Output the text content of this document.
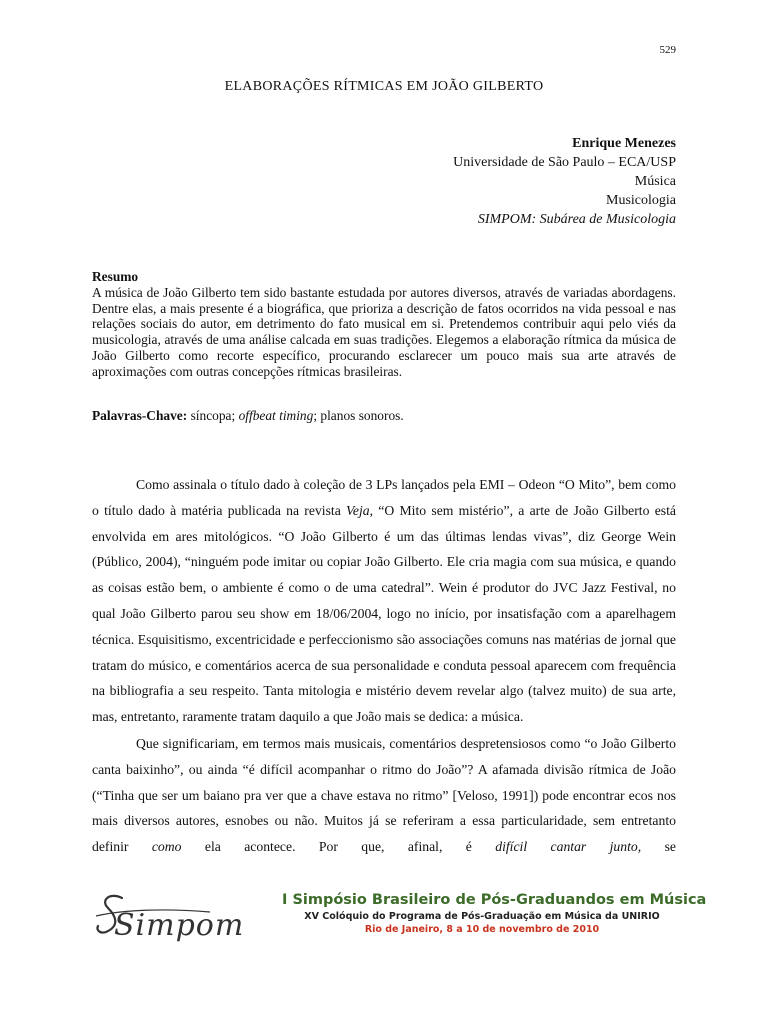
529
ELABORAÇÕES RÍTMICAS EM JOÃO GILBERTO
Enrique Menezes
Universidade de São Paulo – ECA/USP
Música
Musicologia
SIMPOM: Subárea de Musicologia
Resumo

A música de João Gilberto tem sido bastante estudada por autores diversos, através de variadas abordagens. Dentre elas, a mais presente é a biográfica, que prioriza a descrição de fatos ocorridos na vida pessoal e nas relações sociais do autor, em detrimento do fato musical em si. Pretendemos contribuir aqui pelo viés da musicologia, através de uma análise calcada em suas tradições. Elegemos a elaboração rítmica da música de João Gilberto como recorte específico, procurando esclarecer um pouco mais sua arte através de aproximações com outras concepções rítmicas brasileiras.

Palavras-Chave: síncopa; offbeat timing; planos sonoros.

Como assinala o título dado à coleção de 3 LPs lançados pela EMI – Odeon “O Mito”, bem como o título dado à matéria publicada na revista Veja, “O Mito sem mistério”, a arte de João Gilberto está envolvida em ares mitológicos. “O João Gilberto é um das últimas lendas vivas”, diz George Wein (Público, 2004), “ninguém pode imitar ou copiar João Gilberto. Ele cria magia com sua música, e quando as coisas estão bem, o ambiente é como o de uma catedral”. Wein é produtor do JVC Jazz Festival, no qual João Gilberto parou seu show em 18/06/2004, logo no início, por insatisfação com a aparelhagem técnica. Esquisitismo, excentricidade e perfeccionismo são associações comuns nas matérias de jornal que tratam do músico, e comentários acerca de sua personalidade e conduta pessoal aparecem com frequência na bibliografia a seu respeito. Tanta mitologia e mistério devem revelar algo (talvez muito) de sua arte, mas, entretanto, raramente tratam daquilo a que João mais se dedica: a música.

Que significariam, em termos mais musicais, comentários despretensiosos como “o João Gilberto canta baixinho”, ou ainda “é difícil acompanhar o ritmo do João”? A afamada divisão rítmica de João (“Tinha que ser um baiano pra ver que a chave estava no ritmo” [Veloso, 1991]) pode encontrar ecos nos mais diversos autores, esnobes ou não. Muitos já se referiram a essa particularidade, sem entretanto definir como ela acontece. Por que, afinal, é difícil cantar junto, se

Simpom
I Simpósio Brasileiro de Pós-Graduandos em Música
XV Colóquio do Programa de Pós-Graduação em Música da UNIRIO
Rio de Janeiro, 8 a 10 de novembro de 2010
